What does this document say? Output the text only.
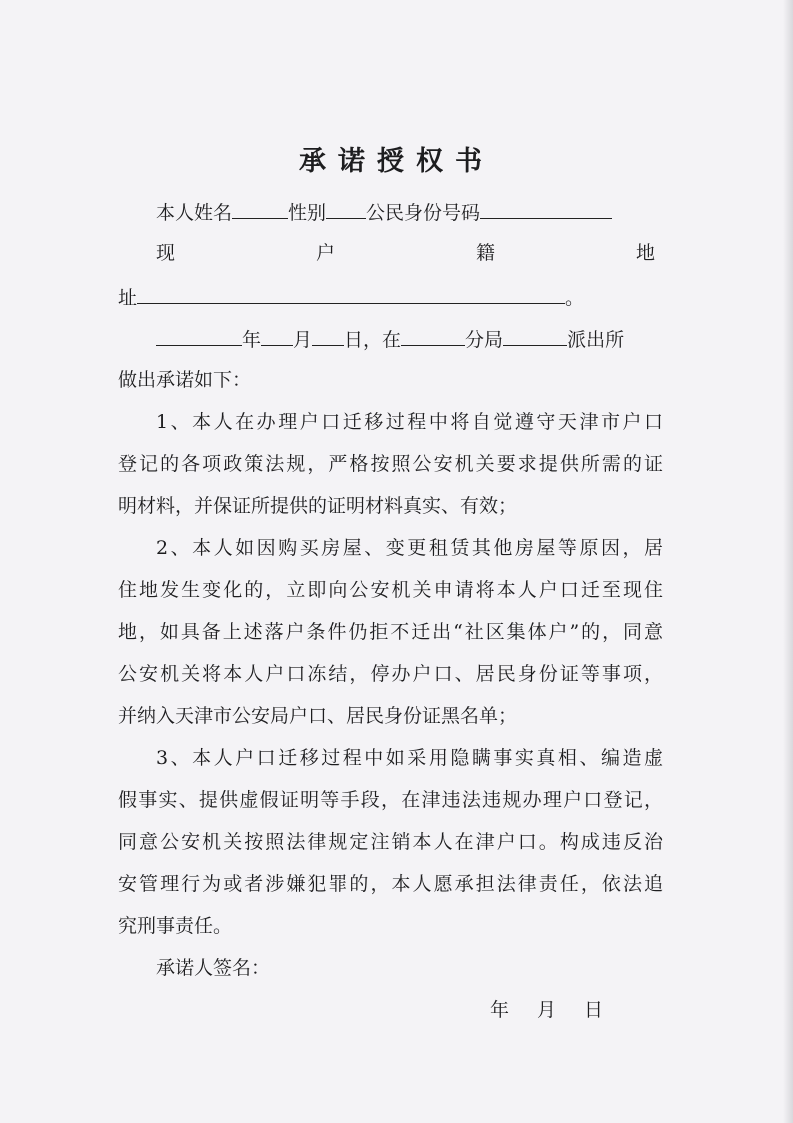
承诺授权书
本人姓名	性别 公民身份号码
现	户	籍	地
址	。
年 月 日，在	分局	派出所
做出承诺如下：
1、本人在办理户口迁移过程中将自觉遵守天津市户口
登记的各项政策法规，严格按照公安机关要求提供所需的证
明材料，并保证所提供的证明材料真实、有效；
2、本人如因购买房屋、变更租赁其他房屋等原因，居
住地发生变化的，立即向公安机关申请将本人户口迁至现住
地，如具备上述落户条件仍拒不迁出“社区集体户”的，同意
公安机关将本人户口冻结，停办户口、居民身份证等事项，
并纳入天津市公安局户口、居民身份证黑名单；
3、本人户口迁移过程中如采用隐瞒事实真相、编造虚
假事实、提供虚假证明等手段，在津违法违规办理户口登记，
同意公安机关按照法律规定注销本人在津户口。构成违反治
安管理行为或者涉嫌犯罪的，本人愿承担法律责任，依法追
究刑事责任。
承诺人签名：
年 月 日
